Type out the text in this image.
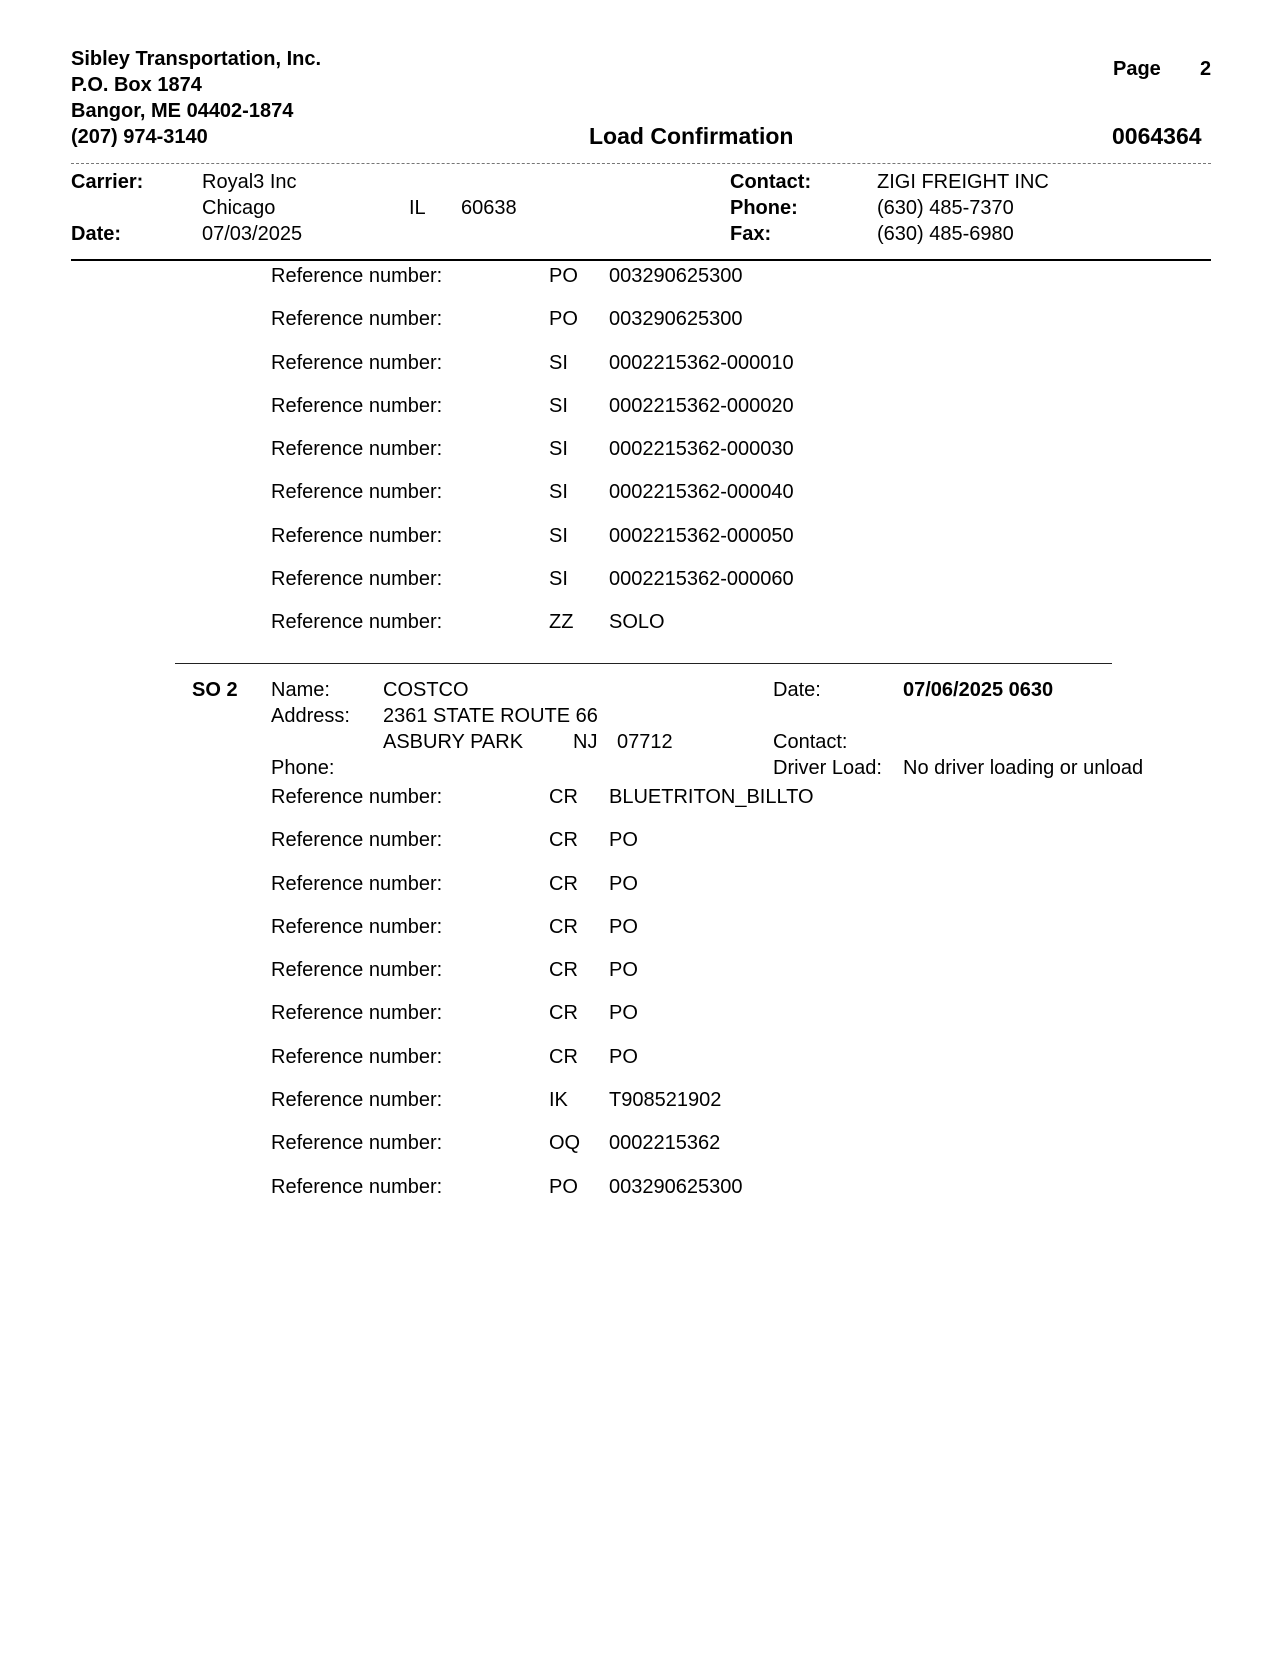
Sibley Transportation, Inc.
P.O. Box 1874
Bangor, ME 04402-1874
(207) 974-3140
Page 2
Load Confirmation	0064364
Carrier:	Royal3 Inc
Chicago	IL 60638
Date:	07/03/2025
Contact:	ZIGI FREIGHT INC
Phone:	(630) 485-7370
Fax:	(630) 485-6980
Reference number:	PO 003290625300
Reference number:	PO 003290625300
Reference number:	SI 0002215362-000010
Reference number:	SI 0002215362-000020
Reference number:	SI 0002215362-000030
Reference number:	SI 0002215362-000040
Reference number:	SI 0002215362-000050
Reference number:	SI 0002215362-000060
Reference number:	ZZ SOLO
SO 2 Name:	COSTCO
Address: 2361 STATE ROUTE 66
ASBURY PARK NJ 07712
Phone:
Date:	07/06/2025 0630
Contact:
Driver Load: No driver loading or unload
Reference number:	CR BLUETRITON_BILLTO
Reference number:	CR PO
Reference number:	CR PO
Reference number:	CR PO
Reference number:	CR PO
Reference number:	CR PO
Reference number:	CR PO
Reference number:	IK T908521902
Reference number:	OQ 0002215362
Reference number:	PO 003290625300
